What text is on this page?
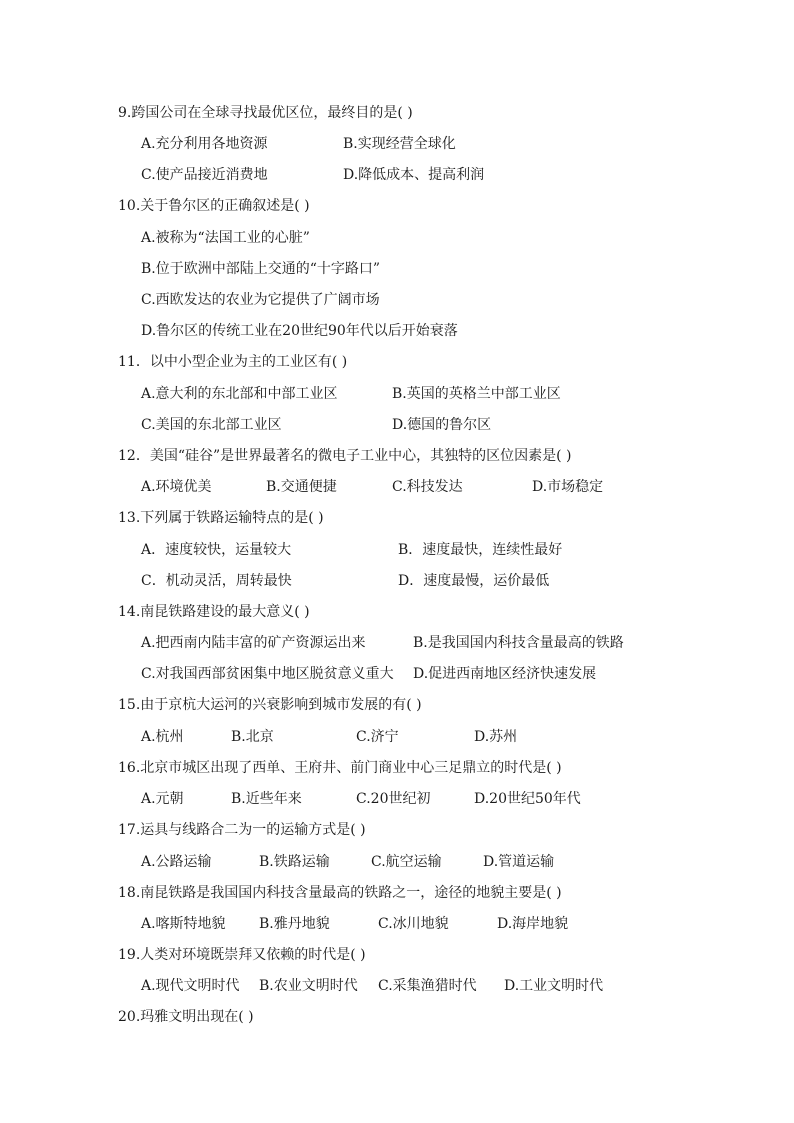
9.跨国公司在全球寻找最优区位，最终目的是( )
A.充分利用各地资源	B.实现经营全球化
C.使产品接近消费地	D.降低成本、提高利润
10.关于鲁尔区的正确叙述是( )
A.被称为“法国工业的心脏”
B.位于欧洲中部陆上交通的“十字路口”
C.西欧发达的农业为它提供了广阔市场
D.鲁尔区的传统工业在20世纪90年代以后开始衰落
11．以中小型企业为主的工业区有( )
A.意大利的东北部和中部工业区	B.英国的英格兰中部工业区
C.美国的东北部工业区	D.德国的鲁尔区
12．美国“硅谷”是世界最著名的微电子工业中心，其独特的区位因素是( )
A.环境优美	B.交通便捷	C.科技发达	D.市场稳定
13.下列属于铁路运输特点的是( )
A．速度较快，运量较大	B．速度最快，连续性最好
C．机动灵活，周转最快	D．速度最慢，运价最低
14.南昆铁路建设的最大意义( )
A.把西南内陆丰富的矿产资源运出来	B.是我国国内科技含量最高的铁路
C.对我国西部贫困集中地区脱贫意义重大 D.促进西南地区经济快速发展
15.由于京杭大运河的兴衰影响到城市发展的有( )
A.杭州	B.北京	C.济宁	D.苏州
16.北京市城区出现了西单、王府井、前门商业中心三足鼎立的时代是( )
A.元朝	B.近些年来	C.20世纪初	D.20世纪50年代
17.运具与线路合二为一的运输方式是( )
A.公路运输	B.铁路运输	C.航空运输	D.管道运输
18.南昆铁路是我国国内科技含量最高的铁路之一，途径的地貌主要是( )
A.喀斯特地貌 B.雅丹地貌	C.冰川地貌	D.海岸地貌
19.人类对环境既崇拜又依赖的时代是( )
A.现代文明时代 B.农业文明时代 C.采集渔猎时代 D.工业文明时代
20.玛雅文明出现在( )
